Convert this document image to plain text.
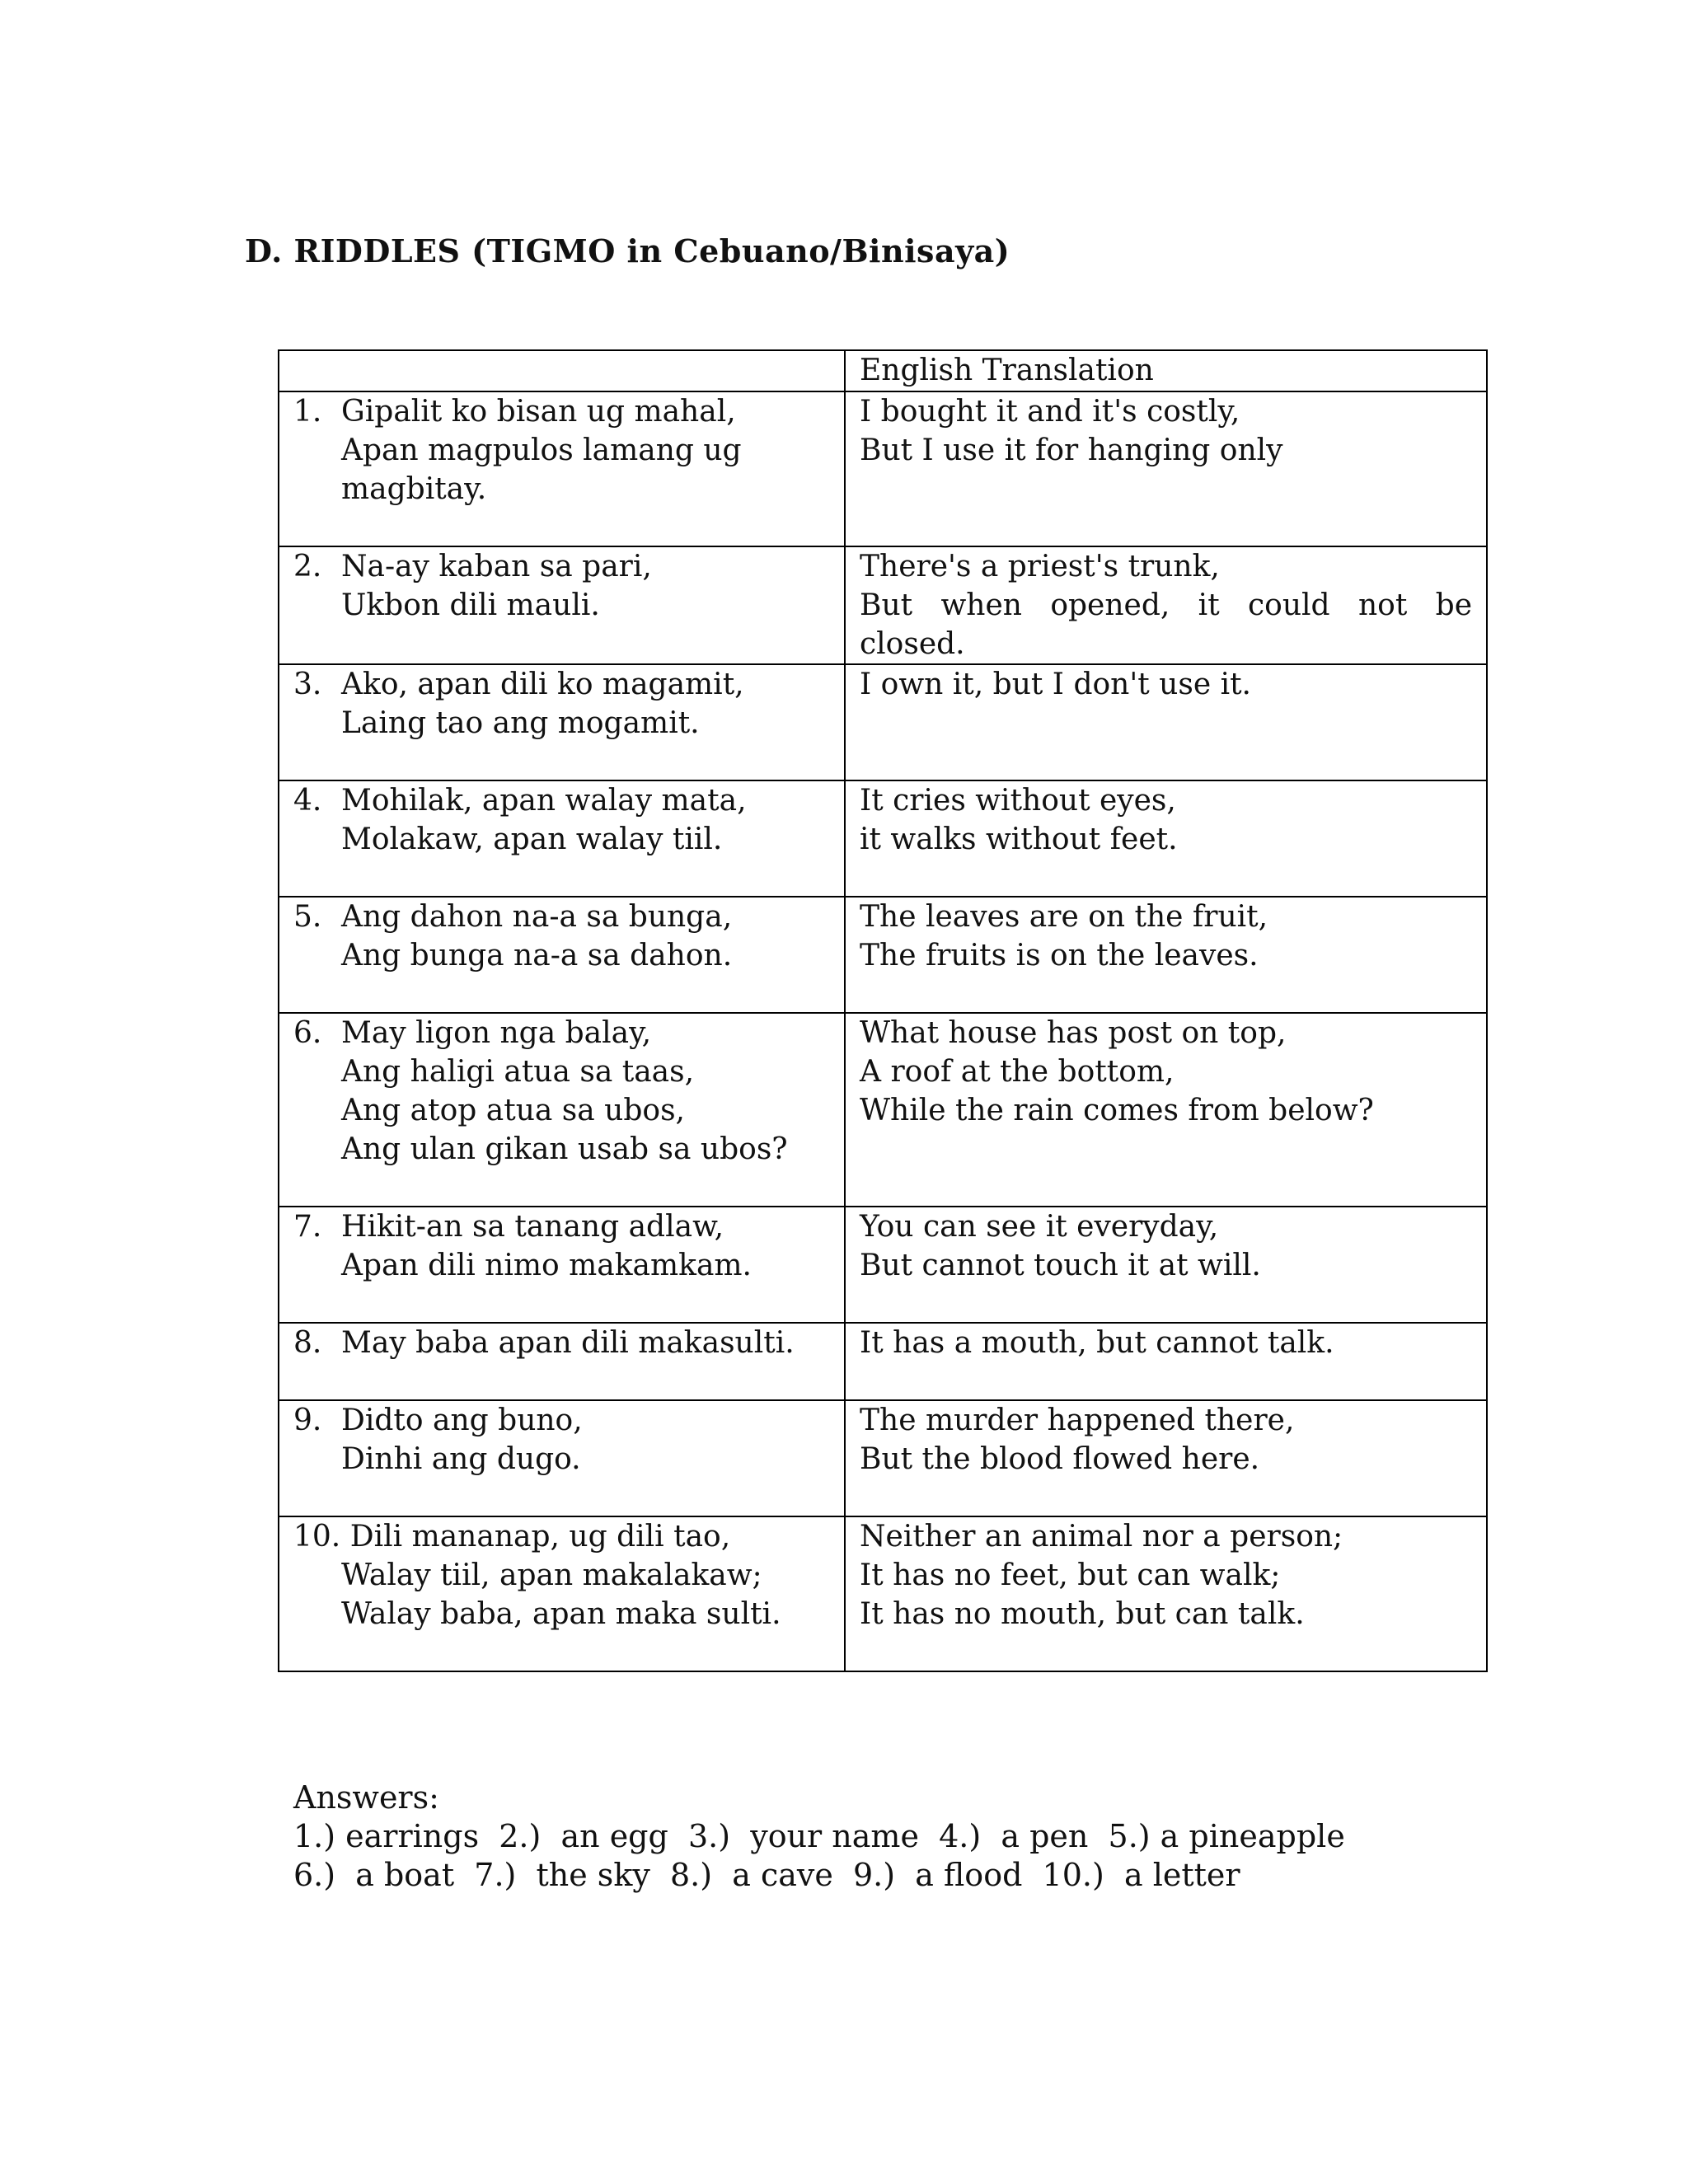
D. RIDDLES (TIGMO in Cebuano/Binisaya)
	English Translation

1. Gipalit ko bisan ug mahal,
Apan magpulos lamang ug
magbitay.	I bought it and it's costly,
But I use it for hanging only

2. Na-ay kaban sa pari,
Ukbon dili mauli.	There's a priest's trunk,
But when opened, it could not be closed.

3. Ako, apan dili ko magamit,
Laing tao ang mogamit.	I own it, but I don't use it.

4. Mohilak, apan walay mata,
Molakaw, apan walay tiil.	It cries without eyes,
it walks without feet.

5. Ang dahon na-a sa bunga,
Ang bunga na-a sa dahon.	The leaves are on the fruit,
The fruits is on the leaves.

6. May ligon nga balay,
Ang haligi atua sa taas,
Ang atop atua sa ubos,
Ang ulan gikan usab sa ubos?	What house has post on top,
A roof at the bottom,
While the rain comes from below?

7. Hikit-an sa tanang adlaw,
Apan dili nimo makamkam.	You can see it everyday,
But cannot touch it at will.

8. May baba apan dili makasulti.	It has a mouth, but cannot talk.

9. Didto ang buno,
Dinhi ang dugo.	The murder happened there,
But the blood flowed here.

10. Dili mananap, ug dili tao,
Walay tiil, apan makalakaw;
Walay baba, apan maka sulti.	Neither an animal nor a person;
It has no feet, but can walk;
It has no mouth, but can talk.
Answers:
1.) earrings  2.)  an egg  3.)  your name  4.)  a pen  5.) a pineapple
6.)  a boat  7.)  the sky  8.)  a cave  9.)  a flood  10.)  a letter
